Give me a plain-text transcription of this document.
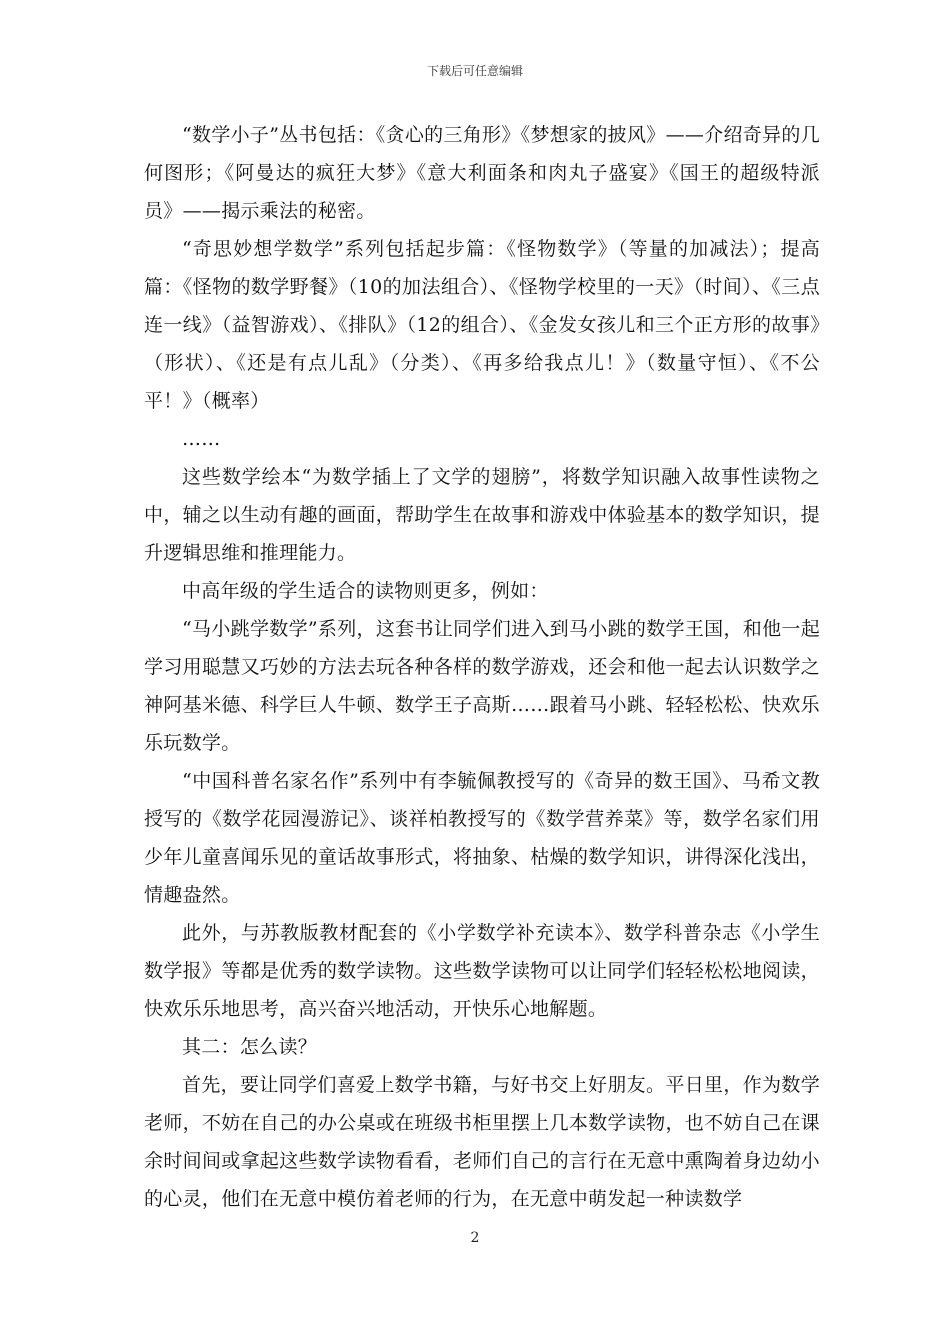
下载后可任意编辑

“数学小子”丛书包括：《贪心的三角形》《梦想家的披风》——介绍奇异的几何图形；《阿曼达的疯狂大梦》《意大利面条和肉丸子盛宴》《国王的超级特派员》——揭示乘法的秘密。

“奇思妙想学数学”系列包括起步篇：《怪物数学》（等量的加减法）；提高篇：《怪物的数学野餐》（10的加法组合）、《怪物学校里的一天》（时间）、《三点连一线》（益智游戏）、《排队》（12的组合）、《金发女孩儿和三个正方形的故事》（形状）、《还是有点儿乱》（分类）、《再多给我点儿！》（数量守恒）、《不公平！》（概率）

……

这些数学绘本“为数学插上了文学的翅膀”，将数学知识融入故事性读物之中，辅之以生动有趣的画面，帮助学生在故事和游戏中体验基本的数学知识，提升逻辑思维和推理能力。

中高年级的学生适合的读物则更多，例如：

“马小跳学数学”系列，这套书让同学们进入到马小跳的数学王国，和他一起学习用聪慧又巧妙的方法去玩各种各样的数学游戏，还会和他一起去认识数学之神阿基米德、科学巨人牛顿、数学王子高斯……跟着马小跳、轻轻松松、快欢乐乐玩数学。

“中国科普名家名作”系列中有李毓佩教授写的《奇异的数王国》、马希文教授写的《数学花园漫游记》、谈祥柏教授写的《数学营养菜》等，数学名家们用少年儿童喜闻乐见的童话故事形式，将抽象、枯燥的数学知识，讲得深化浅出，情趣盎然。

此外，与苏教版教材配套的《小学数学补充读本》、数学科普杂志《小学生数学报》等都是优秀的数学读物。这些数学读物可以让同学们轻轻松松地阅读，快欢乐乐地思考，高兴奋兴地活动，开快乐心地解题。

其二：怎么读？

首先，要让同学们喜爱上数学书籍，与好书交上好朋友。平日里，作为数学老师，不妨在自己的办公桌或在班级书柜里摆上几本数学读物，也不妨自己在课余时间间或拿起这些数学读物看看，老师们自己的言行在无意中熏陶着身边幼小的心灵，他们在无意中模仿着老师的行为，在无意中萌发起一种读数学

2
